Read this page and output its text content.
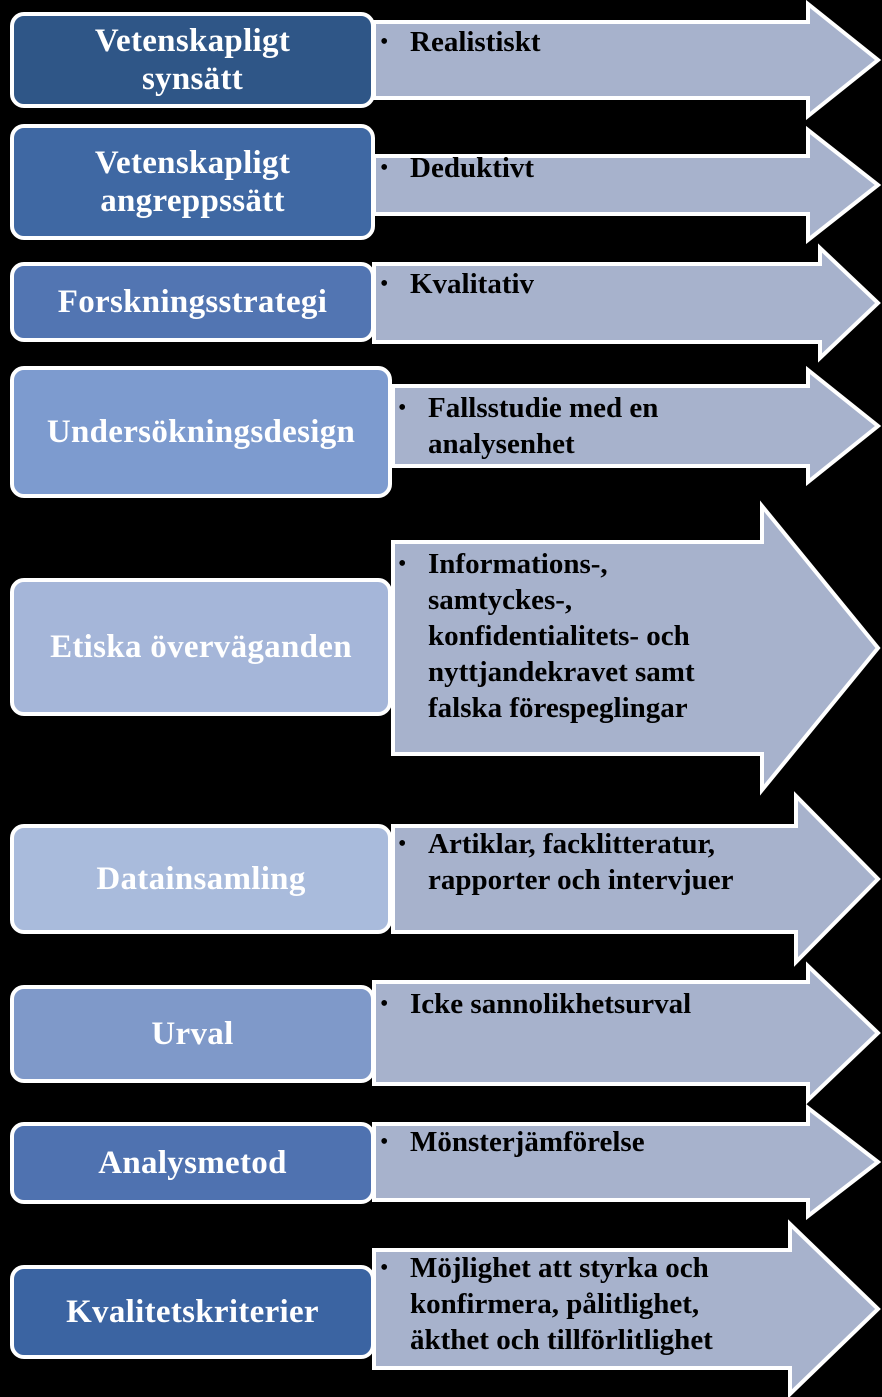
• Realistiskt
Vetenskapligt
synsätt
• Deduktivt
Vetenskapligt
angreppssätt
• Kvalitativ
Forskningsstrategi
• Fallsstudie med en
analysenhet
Undersökningsdesign
• Informations-,
samtyckes-,
konfidentialitets- och
nyttjandekravet samt
falska förespeglingar
Etiska överväganden
• Artiklar, facklitteratur,
rapporter och intervjuer
Datainsamling
• Icke sannolikhetsurval
Urval
• Mönsterjämförelse
Analysmetod
• Möjlighet att styrka och
konfirmera, pålitlighet,
äkthet och tillförlitlighet
Kvalitetskriterier
